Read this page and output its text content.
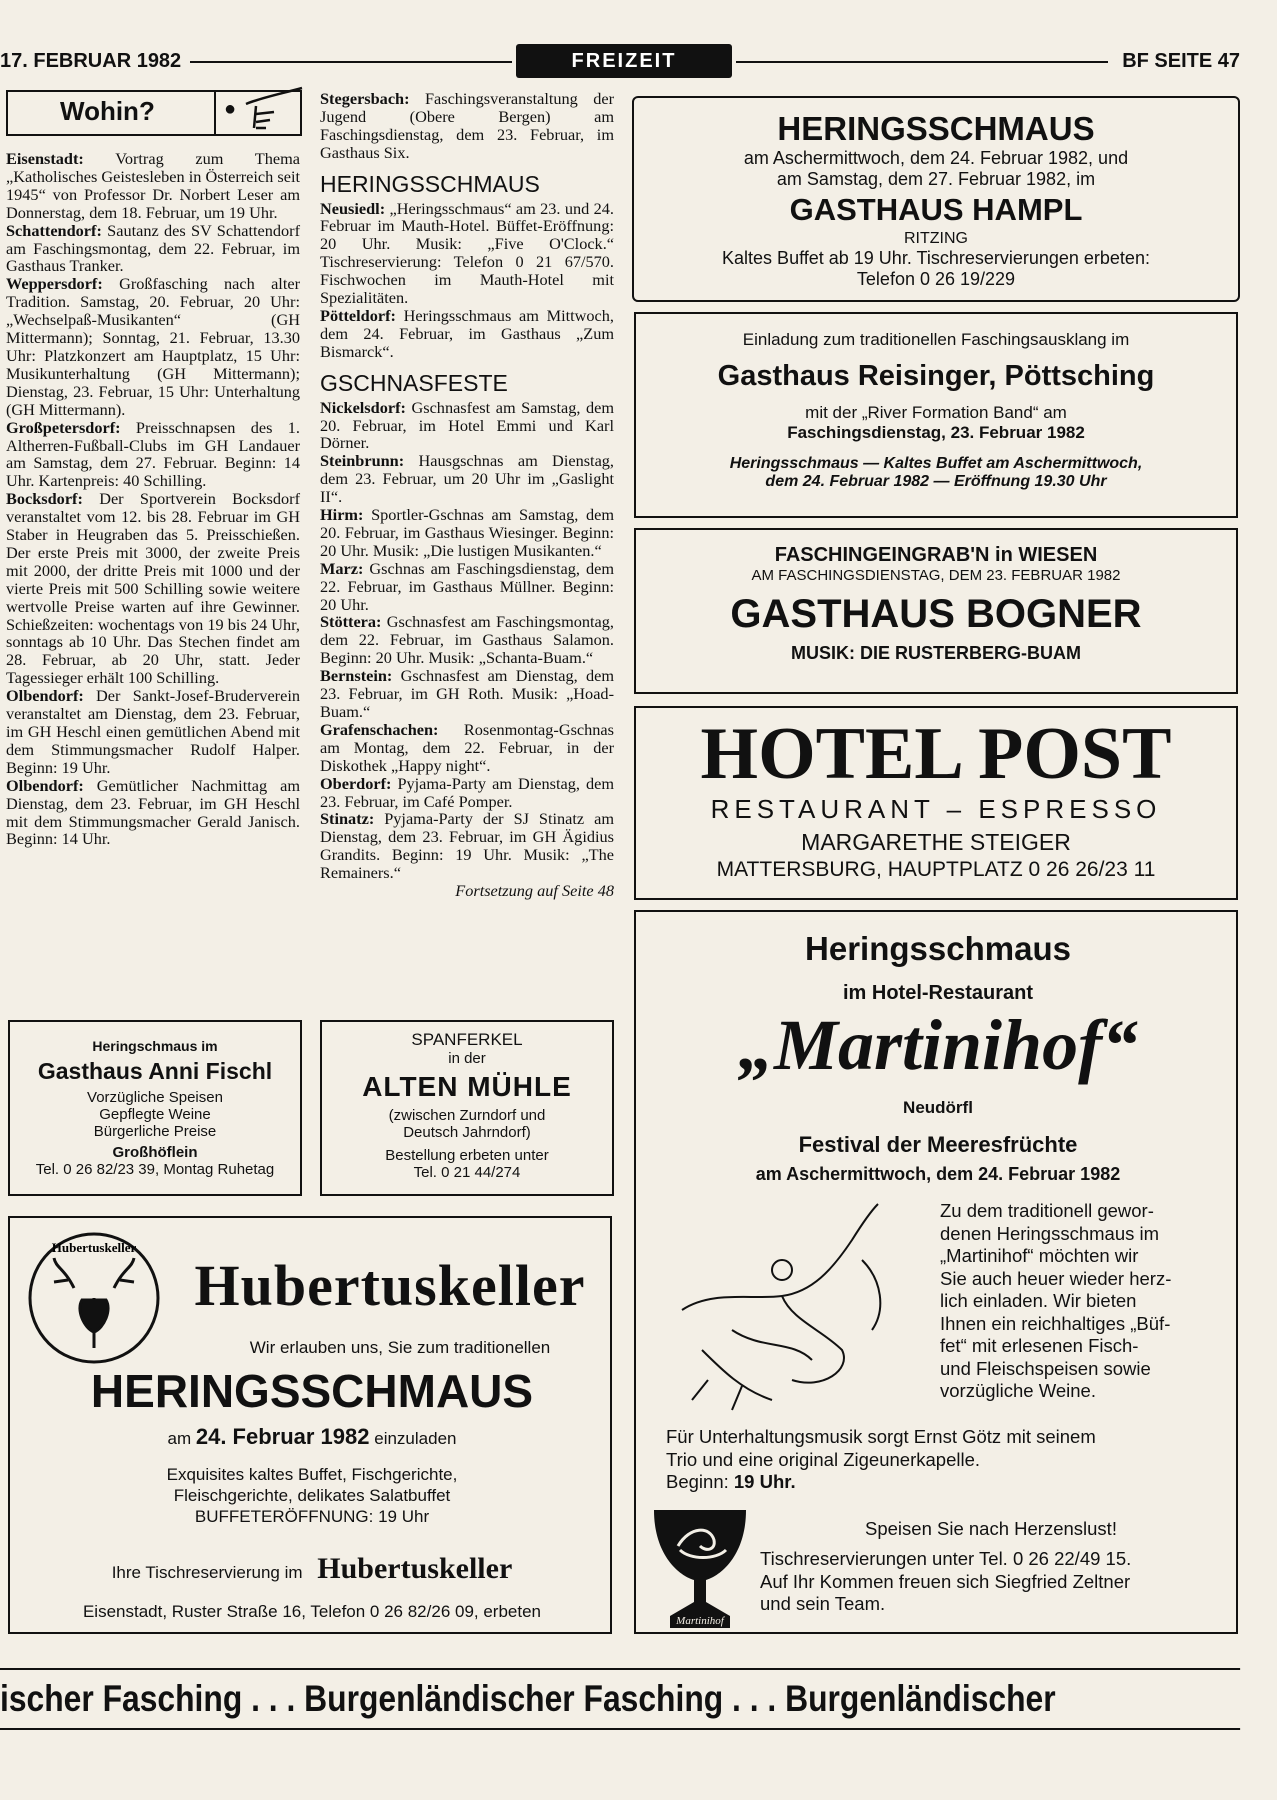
17. FEBRUAR 1982	FREIZEIT	BF SEITE 47
Wohin?	●

Eisenstadt: Vortrag zum Thema „Katholisches Geistesleben in Österreich seit 1945“ von Professor Dr. Norbert Leser am Donnerstag, dem 18. Februar, um 19 Uhr.

Schattendorf: Sautanz des SV Schattendorf am Faschingsmontag, dem 22. Februar, im Gasthaus Tranker.

Weppersdorf: Großfasching nach alter Tradition. Samstag, 20. Februar, 20 Uhr: „Wechselpaß-Musikanten“ (GH Mittermann); Sonntag, 21. Februar, 13.30 Uhr: Platzkonzert am Hauptplatz, 15 Uhr: Musikunterhaltung (GH Mittermann); Dienstag, 23. Februar, 15 Uhr: Unterhaltung (GH Mittermann).

Großpetersdorf: Preisschnapsen des 1. Altherren-Fußball-Clubs im GH Landauer am Samstag, dem 27. Februar. Beginn: 14 Uhr. Kartenpreis: 40 Schilling.

Bocksdorf: Der Sportverein Bocksdorf veranstaltet vom 12. bis 28. Februar im GH Staber in Heugraben das 5. Preisschießen. Der erste Preis mit 3000, der zweite Preis mit 2000, der dritte Preis mit 1000 und der vierte Preis mit 500 Schilling sowie weitere wertvolle Preise warten auf ihre Gewinner. Schießzeiten: wochentags von 19 bis 24 Uhr, sonntags ab 10 Uhr. Das Stechen findet am 28. Februar, ab 20 Uhr, statt. Jeder Tagessieger erhält 100 Schilling.

Olbendorf: Der Sankt-Josef-Bruderverein veranstaltet am Dienstag, dem 23. Februar, im GH Heschl einen gemütlichen Abend mit dem Stimmungsmacher Rudolf Halper. Beginn: 19 Uhr.

Olbendorf: Gemütlicher Nachmittag am Dienstag, dem 23. Februar, im GH Heschl mit dem Stimmungsmacher Gerald Janisch. Beginn: 14 Uhr.

Stegersbach: Faschingsveranstaltung der Jugend (Obere Bergen) am Faschingsdienstag, dem 23. Februar, im Gasthaus Six.

HERINGSSCHMAUS

Neusiedl: „Heringsschmaus“ am 23. und 24. Februar im Mauth-Hotel. Büffet-Eröffnung: 20 Uhr. Musik: „Five O'Clock.“ Tischreservierung: Telefon 0 21 67/570. Fischwochen im Mauth-Hotel mit Spezialitäten.

Pötteldorf: Heringsschmaus am Mittwoch, dem 24. Februar, im Gasthaus „Zum Bismarck“.

GSCHNASFESTE

Nickelsdorf: Gschnasfest am Samstag, dem 20. Februar, im Hotel Emmi und Karl Dörner.

Steinbrunn: Hausgschnas am Dienstag, dem 23. Februar, um 20 Uhr im „Gaslight II“.

Hirm: Sportler-Gschnas am Samstag, dem 20. Februar, im Gasthaus Wiesinger. Beginn: 20 Uhr. Musik: „Die lustigen Musikanten.“

Marz: Gschnas am Faschingsdienstag, dem 22. Februar, im Gasthaus Müllner. Beginn: 20 Uhr.

Stöttera: Gschnasfest am Faschingsmontag, dem 22. Februar, im Gasthaus Salamon. Beginn: 20 Uhr. Musik: „Schanta-Buam.“

Bernstein: Gschnasfest am Dienstag, dem 23. Februar, im GH Roth. Musik: „Hoad-Buam.“

Grafenschachen: Rosenmontag-Gschnas am Montag, dem 22. Februar, in der Diskothek „Happy night“.

Oberdorf: Pyjama-Party am Dienstag, dem 23. Februar, im Café Pomper.

Stinatz: Pyjama-Party der SJ Stinatz am Dienstag, dem 23. Februar, im GH Ägidius Grandits. Beginn: 19 Uhr. Musik: „The Remainers.“

Fortsetzung auf Seite 48

Heringschmaus im
Gasthaus Anni Fischl
Vorzügliche Speisen
Gepflegte Weine
Bürgerliche Preise
Großhöflein
Tel. 0 26 82/23 39, Montag Ruhetag
SPANFERKEL
in der
ALTEN MÜHLE
(zwischen Zurndorf und
Deutsch Jahrndorf)
Bestellung erbeten unter
Tel. 0 21 44/274
Hubertuskeller
Hubertuskeller
Wir erlauben uns, Sie zum traditionellen
HERINGSSCHMAUS
am 24. Februar 1982 einzuladen
Exquisites kaltes Buffet, Fischgerichte,
Fleischgerichte, delikates Salatbuffet
BUFFETERÖFFNUNG: 19 Uhr
Ihre Tischreservierung im Hubertuskeller
Eisenstadt, Ruster Straße 16, Telefon 0 26 82/26 09, erbeten
HERINGSSCHMAUS
am Aschermittwoch, dem 24. Februar 1982, und
am Samstag, dem 27. Februar 1982, im
GASTHAUS HAMPL
RITZING
Kaltes Buffet ab 19 Uhr. Tischreservierungen erbeten:
Telefon 0 26 19/229
Einladung zum traditionellen Faschingsausklang im
Gasthaus Reisinger, Pöttsching
mit der „River Formation Band“ am
Faschingsdienstag, 23. Februar 1982
Heringsschmaus — Kaltes Buffet am Aschermittwoch,
dem 24. Februar 1982 — Eröffnung 19.30 Uhr
FASCHINGEINGRAB'N in WIESEN
AM FASCHINGSDIENSTAG, DEM 23. FEBRUAR 1982
GASTHAUS BOGNER
MUSIK: DIE RUSTERBERG-BUAM
HOTEL POST
RESTAURANT – ESPRESSO
MARGARETHE STEIGER
MATTERSBURG, HAUPTPLATZ 0 26 26/23 11
Heringsschmaus
im Hotel-Restaurant
„Martinihof“
Neudörfl
Festival der Meeresfrüchte
am Aschermittwoch, dem 24. Februar 1982
Zu dem traditionell gewor-
denen Heringsschmaus im
„Martinihof“ möchten wir
Sie auch heuer wieder herz-
lich einladen. Wir bieten
Ihnen ein reichhaltiges „Büf-
fet“ mit erlesenen Fisch-
und Fleischspeisen sowie
vorzügliche Weine.
Für Unterhaltungsmusik sorgt Ernst Götz mit seinem
Trio und eine original Zigeunerkapelle.
Beginn: 19 Uhr.
Martinihof
Speisen Sie nach Herzenslust!
Tischreservierungen unter Tel. 0 26 22/49 15.
Auf Ihr Kommen freuen sich Siegfried Zeltner
und sein Team.
ischer Fasching . . . Burgenländischer Fasching . . . Burgenländischer
